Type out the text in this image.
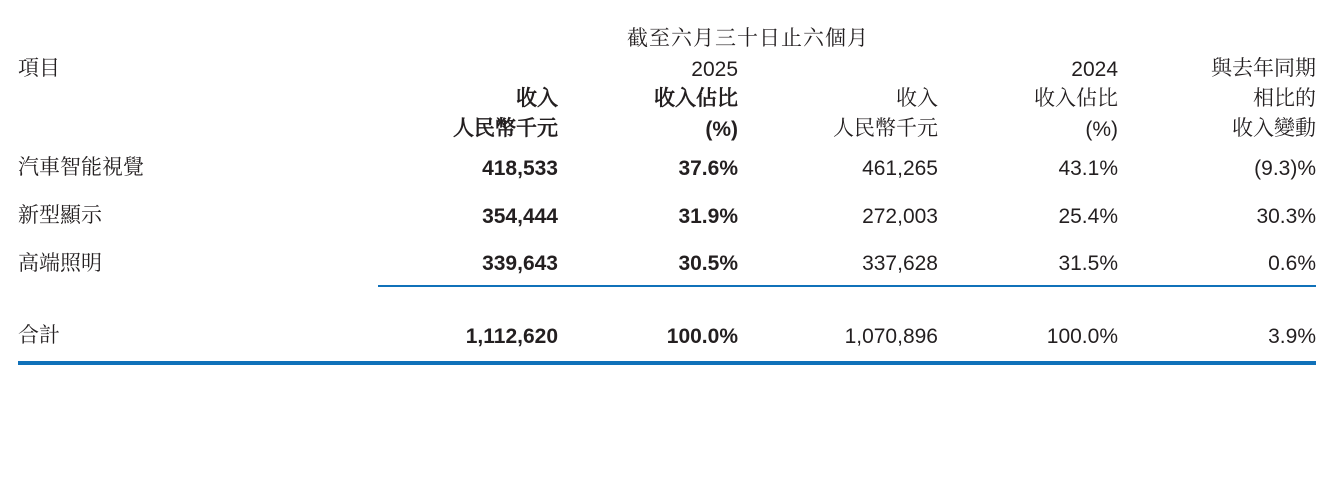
	截至六月三十日止六個月				
項目	2025		2024		與去年同期
	收入	收入佔比	收入	收入佔比	相比的
	人民幣千元	(%)	人民幣千元	(%)	收入變動
汽車智能視覺	418,533	37.6%	461,265	43.1%	(9.3)%
新型顯示	354,444	31.9%	272,003	25.4%	30.3%
高端照明	339,643	30.5%	337,628	31.5%	0.6%

合計	1,112,620	100.0%	1,070,896	100.0%	3.9%
